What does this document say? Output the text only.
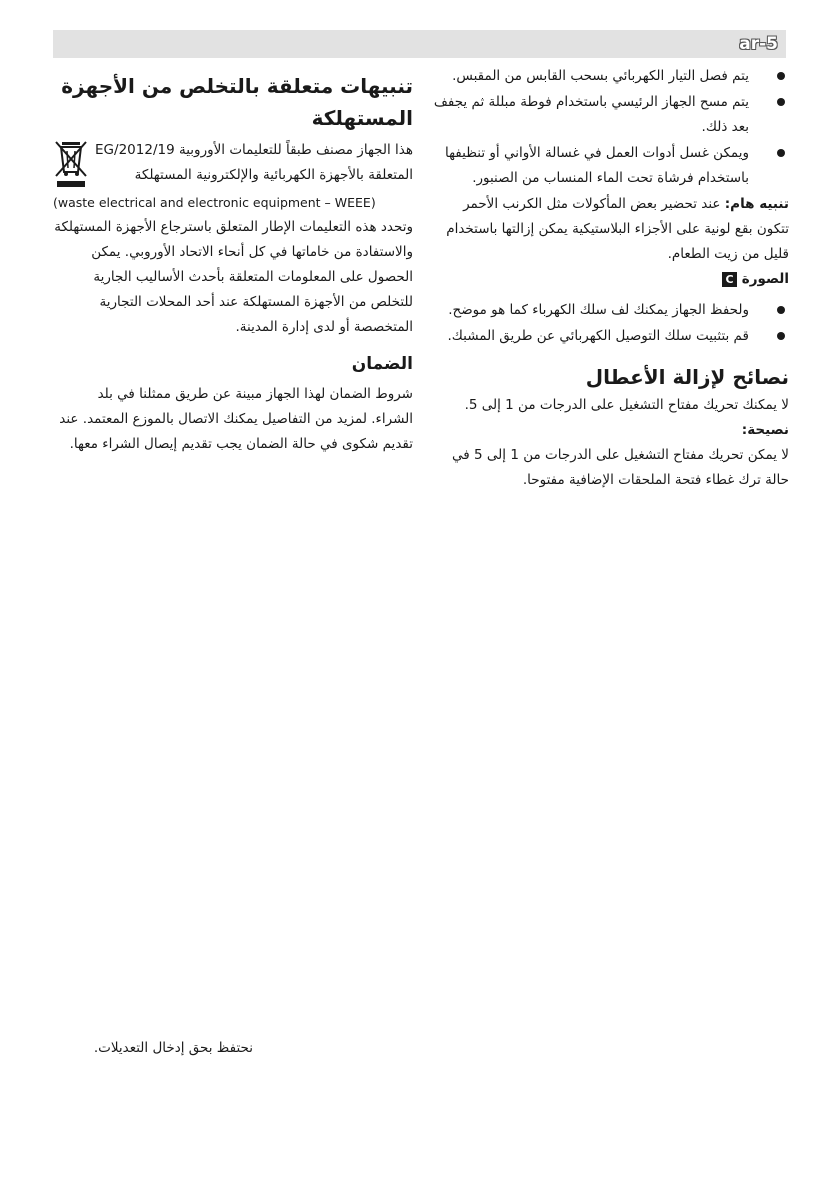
ar-5
يتم فصل التيار الكهربائي بسحب القابس من المقبس.
يتم مسح الجهاز الرئيسي باستخدام فوطة مبللة ثم يجفف بعد ذلك.
ويمكن غسل أدوات العمل في غسالة الأواني أو تنظيفها باستخدام فرشاة تحت الماء المنساب من الصنبور.

تنبيه هام: عند تحضير بعض المأكولات مثل الكرنب الأحمر تتكون بقع لونية على الأجزاء البلاستيكية يمكن إزالتها باستخدام قليل من زيت الطعام.

الصورة C

ولحفظ الجهاز يمكنك لف سلك الكهرباء كما هو موضح.
قم بتثبيت سلك التوصيل الكهربائي عن طريق المشبك.
نصائح لإزالة الأعطال

لا يمكنك تحريك مفتاح التشغيل على الدرجات من 1 إلى 5.

نصيحة:

لا يمكن تحريك مفتاح التشغيل على الدرجات من 1 إلى 5 في حالة ترك غطاء فتحة الملحقات الإضافية مفتوحا.

تنبيهات متعلقة بالتخلص من الأجهزة المستهلكة
هذا الجهاز مصنف طبقاً للتعليمات الأوروبية 2012/19/EG المتعلقة بالأجهزة الكهربائية والإلكترونية المستهلكة

(waste electrical and electronic equipment – WEEE)

وتحدد هذه التعليمات الإطار المتعلق باسترجاع الأجهزة المستهلكة والاستفادة من خاماتها في كل أنحاء الاتحاد الأوروبي. يمكن الحصول على المعلومات المتعلقة بأحدث الأساليب الجارية للتخلص من الأجهزة المستهلكة عند أحد المحلات التجارية المتخصصة أو لدى إدارة المدينة.

الضمان

شروط الضمان لهذا الجهاز مبينة عن طريق ممثلنا في بلد الشراء. لمزيد من التفاصيل يمكنك الاتصال بالموزع المعتمد. عند تقديم شكوى في حالة الضمان يجب تقديم إيصال الشراء معها.

نحتفظ بحق إدخال التعديلات.
